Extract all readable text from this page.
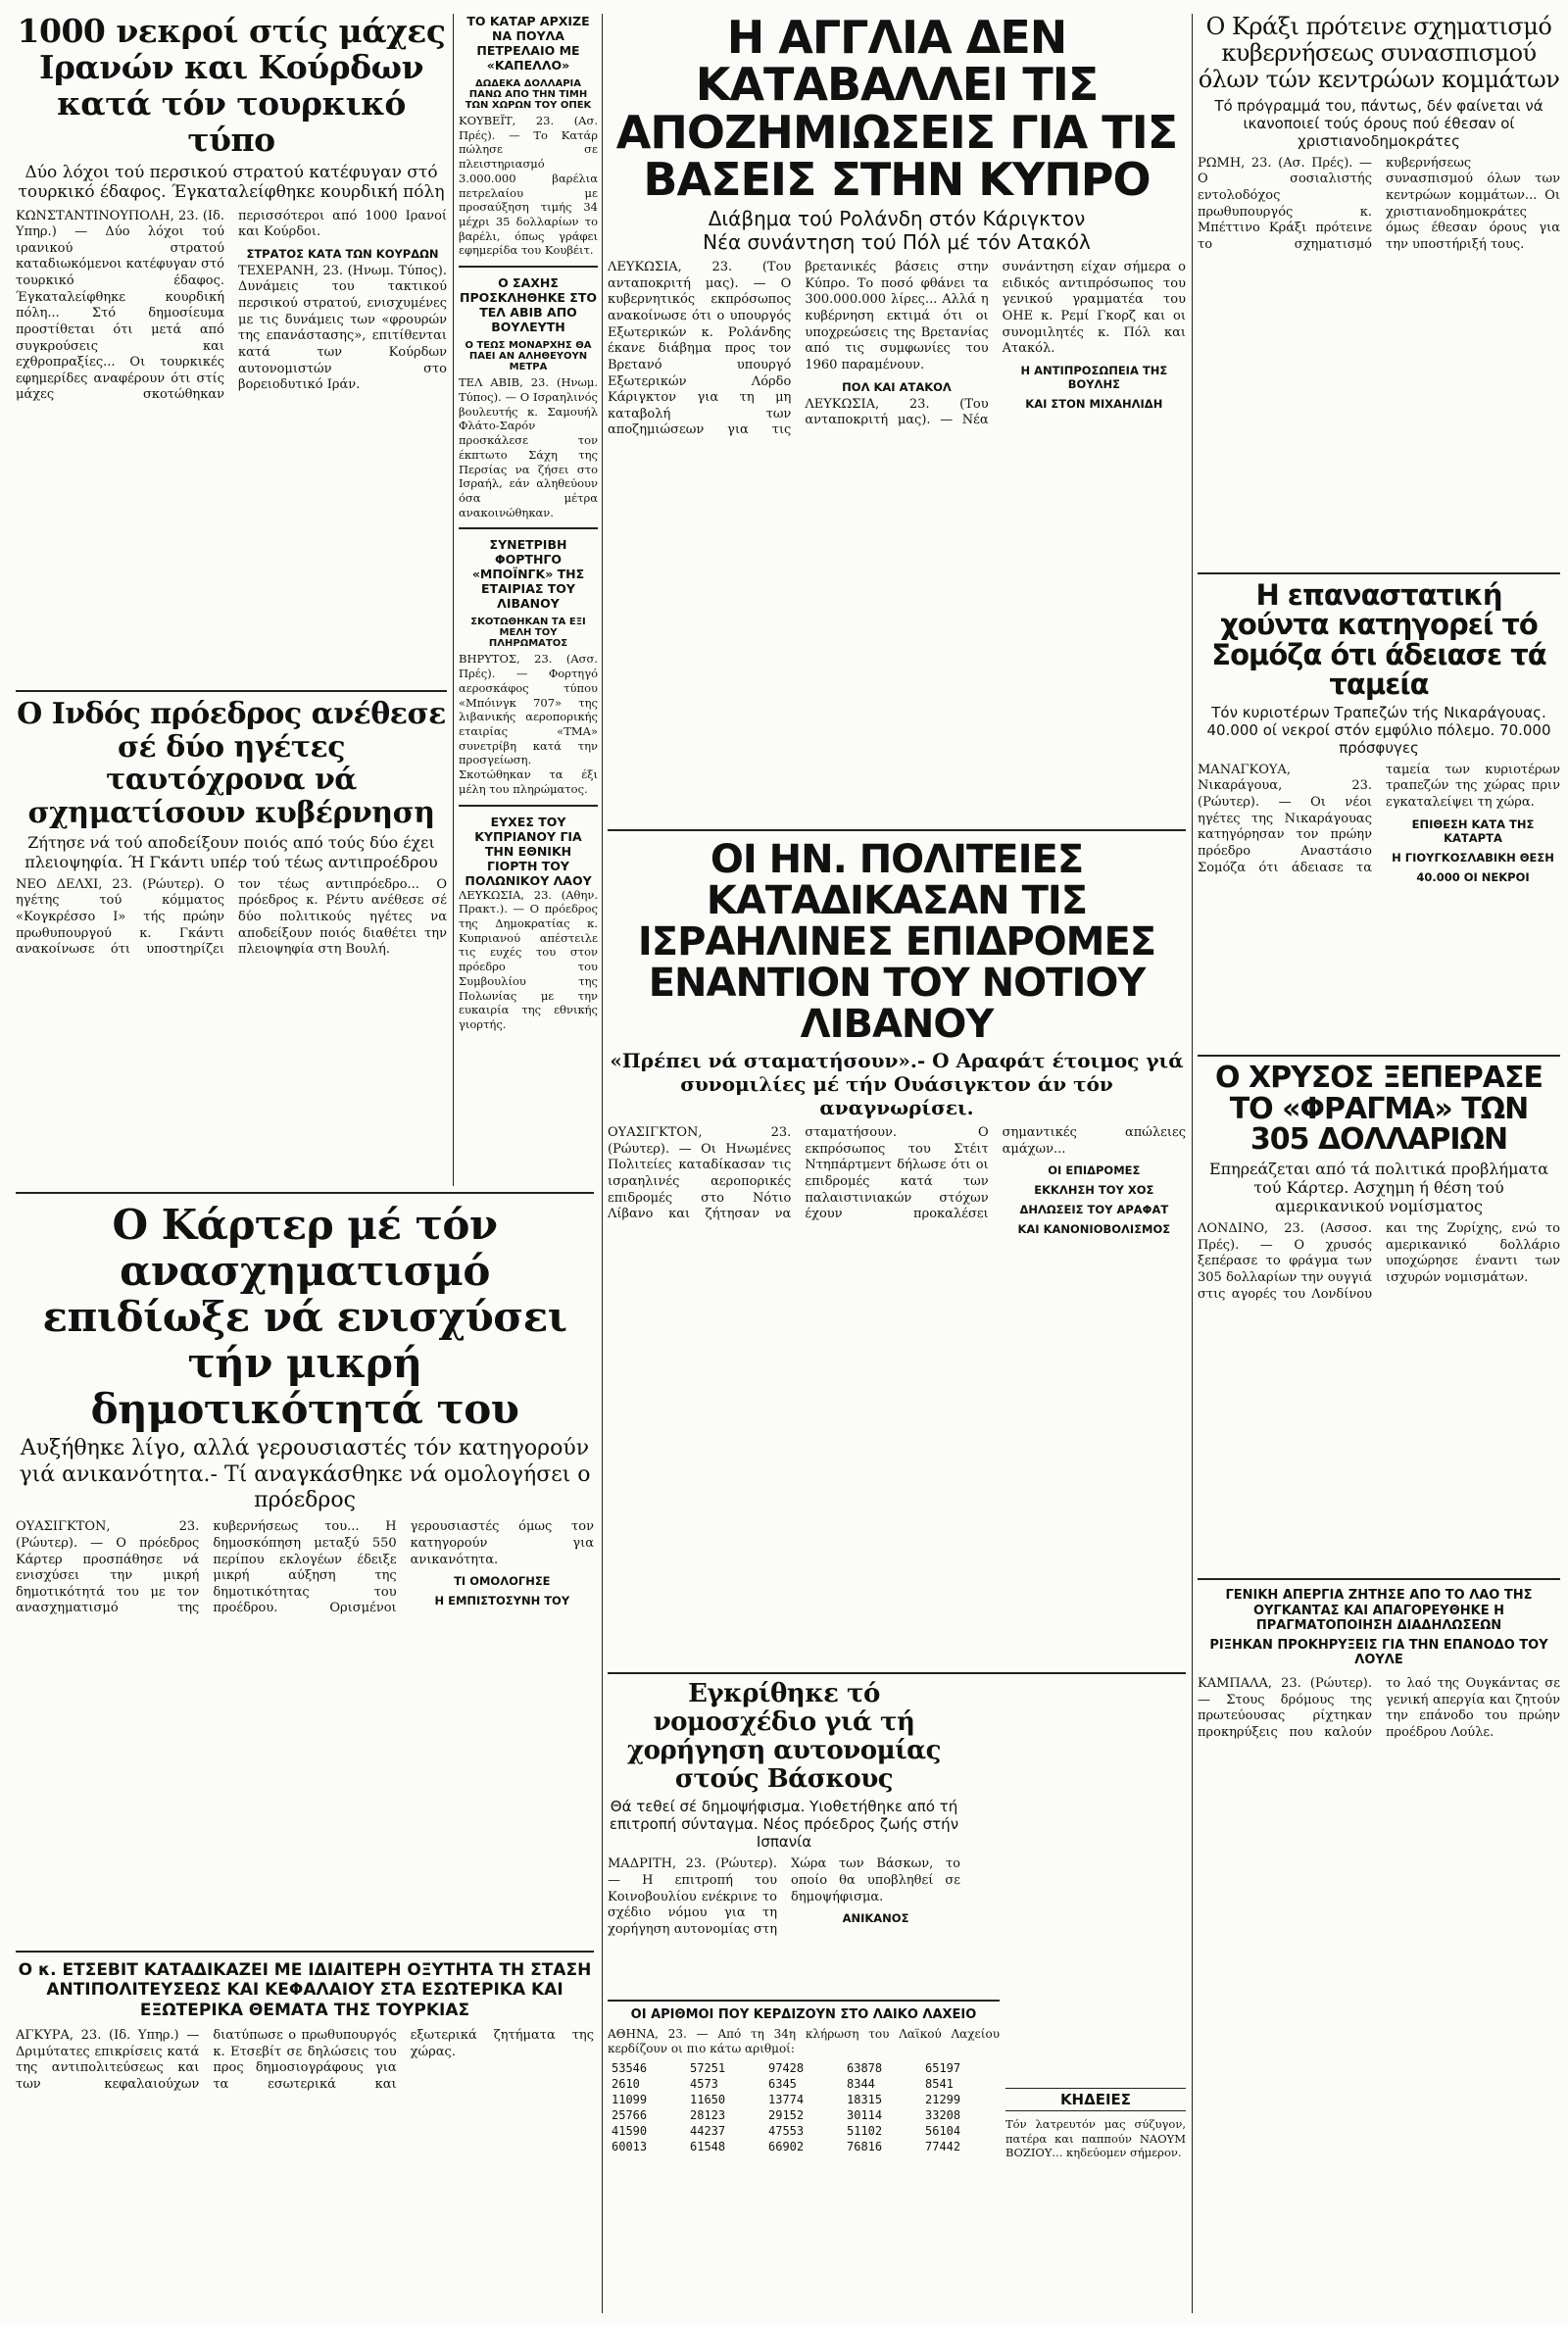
1000 νεκροί στίς μάχες Ιρανών και Κούρδων κατά τόν τουρκικό τύπο

Δύο λόχοι τού περσικού στρατού κατέφυγαν στό τουρκικό έδαφος. Έγκαταλείφθηκε κουρδική πόλη

ΚΩΝΣΤΑΝΤΙΝΟΥΠΟΛΗ, 23. (Ιδ. Υπηρ.) — Δύο λόχοι τού ιρανικού στρατού καταδιωκόμενοι κατέφυγαν στό τουρκικό έδαφος. Έγκαταλείφθηκε κουρδική πόλη... Στό δημοσίευμα προστίθεται ότι μετά από συγκρούσεις και εχθροπραξίες... Οι τουρκικές εφημερίδες αναφέρουν ότι στίς μάχες σκοτώθηκαν περισσότεροι από 1000 Ιρανοί και Κούρδοι.

ΣΤΡΑΤΟΣ ΚΑΤΑ ΤΩΝ ΚΟΥΡΔΩΝ

ΤΕΧΕΡΑΝΗ, 23. (Ηνωμ. Τύπος). Δυνάμεις του τακτικού περσικού στρατού, ενισχυμένες με τις δυνάμεις των «φρουρών της επανάστασης», επιτίθενται κατά των Κούρδων αυτονομιστών στο βορειοδυτικό Ιράν.

Ο Ινδός πρόεδρος ανέθεσε σέ δύο ηγέτες ταυτόχρονα νά σχηματίσουν κυβέρνηση

Ζήτησε νά τού αποδείξουν ποιός από τούς δύο έχει πλειοψηφία. Ή Γκάντι υπέρ τού τέως αντιπροέδρου

ΝΕΟ ΔΕΛΧΙ, 23. (Ρώυτερ). Ο ηγέτης τού κόμματος «Κογκρέσσο Ι» τής πρώην πρωθυπουργού κ. Γκάντι ανακοίνωσε ότι υποστηρίζει τον τέως αντιπρόεδρο... Ο πρόεδρος κ. Ρέντυ ανέθεσε σέ δύο πολιτικούς ηγέτες να αποδείξουν ποιός διαθέτει την πλειοψηφία στη Βουλή.

Ο Κάρτερ μέ τόν ανασχηματισμό επιδίωξε νά ενισχύσει τήν μικρή δημοτικότητά του

Αυξήθηκε λίγο, αλλά γερουσιαστές τόν κατηγορούν γιά ανικανότητα.- Τί αναγκάσθηκε νά ομολογήσει ο πρόεδρος

ΟΥΑΣΙΓΚΤΟΝ, 23. (Ρώυτερ). — Ο πρόεδρος Κάρτερ προσπάθησε νά ενισχύσει την μικρή δημοτικότητά του με τον ανασχηματισμό της κυβερνήσεως του... Η δημοσκόπηση μεταξύ 550 περίπου εκλογέων έδειξε μικρή αύξηση της δημοτικότητας του προέδρου. Ορισμένοι γερουσιαστές όμως τον κατηγορούν για ανικανότητα.

ΤΙ ΟΜΟΛΟΓΗΣΕ

Η ΕΜΠΙΣΤΟΣΥΝΗ ΤΟΥ

Ο κ. ΕΤΣΕΒΙΤ ΚΑΤΑΔΙΚΑΖΕΙ ΜΕ ΙΔΙΑΙΤΕΡΗ ΟΞΥΤΗΤΑ ΤΗ ΣΤΑΣΗ ΑΝΤΙΠΟΛΙΤΕΥΣΕΩΣ ΚΑΙ ΚΕΦΑΛΑΙΟΥ ΣΤΑ ΕΣΩΤΕΡΙΚΑ ΚΑΙ ΕΞΩΤΕΡΙΚΑ ΘΕΜΑΤΑ ΤΗΣ ΤΟΥΡΚΙΑΣ

ΑΓΚΥΡΑ, 23. (Ιδ. Υπηρ.) — Δριμύτατες επικρίσεις κατά της αντιπολιτεύσεως και των κεφαλαιούχων διατύπωσε ο πρωθυπουργός κ. Ετσεβίτ σε δηλώσεις του προς δημοσιογράφους για τα εσωτερικά και εξωτερικά ζητήματα της χώρας.

ΤΟ ΚΑΤΑΡ ΑΡΧΙΖΕ ΝΑ ΠΟΥΛΑ ΠΕΤΡΕΛΑΙΟ ΜΕ «ΚΑΠΕΛΛΟ»

ΔΩΔΕΚΑ ΔΟΛΛΑΡΙΑ ΠΑΝΩ ΑΠΟ ΤΗΝ ΤΙΜΗ ΤΩΝ ΧΩΡΩΝ ΤΟΥ ΟΠΕΚ

ΚΟΥΒΕΪΤ, 23. (Ασ. Πρές). — Το Κατάρ πώλησε σε πλειστηριασμό 3.000.000 βαρέλια πετρελαίου με προσαύξηση τιμής 34 μέχρι 35 δολλαρίων το βαρέλι, όπως γράφει εφημερίδα του Κουβέιτ.

Ο ΣΑΧΗΣ ΠΡΟΣΚΛΗΘΗΚΕ ΣΤΟ ΤΕΛ ΑΒΙΒ ΑΠΟ ΒΟΥΛΕΥΤΗ

Ο ΤΕΩΣ ΜΟΝΑΡΧΗΣ ΘΑ ΠΑΕΙ ΑΝ ΑΛΗΘΕΥΟΥΝ ΜΕΤΡΑ

ΤΕΛ ΑΒΙΒ, 23. (Ηνωμ. Τύπος). — Ο Ισραηλινός βουλευτής κ. Σαμουήλ Φλάτο-Σαρόν προσκάλεσε τον έκπτωτο Σάχη της Περσίας να ζήσει στο Ισραήλ, εάν αληθεύουν όσα μέτρα ανακοινώθηκαν.

ΣΥΝΕΤΡΙΒΗ ΦΟΡΤΗΓΟ «ΜΠΟΪΝΓΚ» ΤΗΣ ΕΤΑΙΡΙΑΣ ΤΟΥ ΛΙΒΑΝΟΥ

ΣΚΟΤΩΘΗΚΑΝ ΤΑ ΕΞΙ ΜΕΛΗ ΤΟΥ ΠΛΗΡΩΜΑΤΟΣ

ΒΗΡΥΤΟΣ, 23. (Ασσ. Πρές). — Φορτηγό αεροσκάφος τύπου «Μπόινγκ 707» της λιβανικής αεροπορικής εταιρίας «ΤΜΑ» συνετρίβη κατά την προσγείωση. Σκοτώθηκαν τα έξι μέλη του πληρώματος.

ΕΥΧΕΣ ΤΟΥ ΚΥΠΡΙΑΝΟΥ ΓΙΑ ΤΗΝ ΕΘΝΙΚΗ ΓΙΟΡΤΗ ΤΟΥ ΠΟΛΩΝΙΚΟΥ ΛΑΟΥ

ΛΕΥΚΩΣΙΑ, 23. (Αθην. Πρακτ.). — Ο πρόεδρος της Δημοκρατίας κ. Κυπριανού απέστειλε τις ευχές του στον πρόεδρο του Συμβουλίου της Πολωνίας με την ευκαιρία της εθνικής γιορτής.

Η ΑΓΓΛΙΑ ΔΕΝ ΚΑΤΑΒΑΛΛΕΙ ΤΙΣ ΑΠΟΖΗΜΙΩΣΕΙΣ ΓΙΑ ΤΙΣ ΒΑΣΕΙΣ ΣΤΗΝ ΚΥΠΡΟ

Διάβημα τού Ρολάνδη στόν Κάριγκτον
Νέα συνάντηση τού Πόλ μέ τόν Ατακόλ

ΛΕΥΚΩΣΙΑ, 23. (Του ανταποκριτή μας). — Ο κυβερνητικός εκπρόσωπος ανακοίνωσε ότι ο υπουργός Εξωτερικών κ. Ρολάνδης έκανε διάβημα προς τον Βρετανό υπουργό Εξωτερικών Λόρδο Κάριγκτον για τη μη καταβολή των αποζημιώσεων για τις βρετανικές βάσεις στην Κύπρο. Το ποσό φθάνει τα 300.000.000 λίρες... Αλλά η κυβέρνηση εκτιμά ότι οι υποχρεώσεις της Βρετανίας από τις συμφωνίες του 1960 παραμένουν.

ΠΟΛ ΚΑΙ ΑΤΑΚΟΛ

ΛΕΥΚΩΣΙΑ, 23. (Του ανταποκριτή μας). — Νέα συνάντηση είχαν σήμερα ο ειδικός αντιπρόσωπος του γενικού γραμματέα του ΟΗΕ κ. Ρεμί Γκορζ και οι συνομιλητές κ. Πόλ και Ατακόλ.

Η ΑΝΤΙΠΡΟΣΩΠΕΙΑ ΤΗΣ ΒΟΥΛΗΣ

ΚΑΙ ΣΤΟΝ ΜΙΧΑΗΛΙΔΗ

ΟΙ ΗΝ. ΠΟΛΙΤΕΙΕΣ ΚΑΤΑΔΙΚΑΣΑΝ ΤΙΣ ΙΣΡΑΗΛΙΝΕΣ ΕΠΙΔΡΟΜΕΣ ΕΝΑΝΤΙΟΝ ΤΟΥ ΝΟΤΙΟΥ ΛΙΒΑΝΟΥ

«Πρέπει νά σταματήσουν».- Ο Αραφάτ έτοιμος γιά συνομιλίες μέ τήν Ουάσιγκτον άν τόν αναγνωρίσει.

ΟΥΑΣΙΓΚΤΟΝ, 23. (Ρώυτερ). — Οι Ηνωμένες Πολιτείες καταδίκασαν τις ισραηλινές αεροπορικές επιδρομές στο Νότιο Λίβανο και ζήτησαν να σταματήσουν. Ο εκπρόσωπος του Στέιτ Ντηπάρτμεντ δήλωσε ότι οι επιδρομές κατά των παλαιστινιακών στόχων έχουν προκαλέσει σημαντικές απώλειες αμάχων...

ΟΙ ΕΠΙΔΡΟΜΕΣ

ΕΚΚΛΗΣΗ ΤΟΥ ΧΟΣ

ΔΗΛΩΣΕΙΣ ΤΟΥ ΑΡΑΦΑΤ

ΚΑΙ ΚΑΝΟΝΙΟΒΟΛΙΣΜΟΣ

Εγκρίθηκε τό νομοσχέδιο γιά τή χορήγηση αυτονομίας στούς Βάσκους

Θά τεθεί σέ δημοψήφισμα. Υιοθετήθηκε από τή επιτροπή σύνταγμα. Νέος πρόεδρος ζωής στήν Ισπανία

ΜΑΔΡΙΤΗ, 23. (Ρώυτερ). — Η επιτροπή του Κοινοβουλίου ενέκρινε το σχέδιο νόμου για τη χορήγηση αυτονομίας στη Χώρα των Βάσκων, το οποίο θα υποβληθεί σε δημοψήφισμα.

ΑΝΙΚΑΝΟΣ

ΟΙ ΑΡΙΘΜΟΙ ΠΟΥ ΚΕΡΔΙΖΟΥΝ ΣΤΟ ΛΑΪΚΟ ΛΑΧΕΙΟ

ΑΘΗΝΑ, 23. — Από τη 34η κλήρωση του Λαϊκού Λαχείου κερδίζουν οι πιο κάτω αριθμοί:

53546	57251	97428	63878	65197
2610	4573	6345	8344	8541
11099	11650	13774	18315	21299
25766	28123	29152	30114	33208
41590	44237	47553	51102	56104
60013	61548	66902	76816	77442

ΚΗΔΕΙΕΣ

Τόν λατρευτόν μας σύζυγον, πατέρα και παππούν ΝΑΟΥΜ ΒΟΖΙΟΥ... κηδεύομεν σήμερον.

Ο Κράξι πρότεινε σχηματισμό κυβερνήσεως συνασπισμού όλων τών κεντρώων κομμάτων

Τό πρόγραμμά του, πάντως, δέν φαίνεται νά ικανοποιεί τούς όρους πού έθεσαν οί χριστιανοδημοκράτες

ΡΩΜΗ, 23. (Ασ. Πρές). — Ο σοσιαλιστής εντολοδόχος πρωθυπουργός κ. Μπέττινο Κράξι πρότεινε το σχηματισμό κυβερνήσεως συνασπισμού όλων των κεντρώων κομμάτων... Οι χριστιανοδημοκράτες όμως έθεσαν όρους για την υποστήριξή τους.

Η επαναστατική χούντα κατηγορεί τό Σομόζα ότι άδειασε τά ταμεία

Τόν κυριοτέρων Τραπεζών τής Νικαράγουας. 40.000 οί νεκροί στόν εμφύλιο πόλεμο. 70.000 πρόσφυγες

ΜΑΝΑΓΚΟΥΑ, Νικαράγουα, 23. (Ρώυτερ). — Οι νέοι ηγέτες της Νικαράγουας κατηγόρησαν τον πρώην πρόεδρο Αναστάσιο Σομόζα ότι άδειασε τα ταμεία των κυριοτέρων τραπεζών της χώρας πριν εγκαταλείψει τη χώρα.

ΕΠΙΘΕΣΗ ΚΑΤΑ ΤΗΣ ΚΑΤΑΡΤΑ

Η ΓΙΟΥΓΚΟΣΛΑΒΙΚΗ ΘΕΣΗ

40.000 ΟΙ ΝΕΚΡΟΙ

Ο ΧΡΥΣΟΣ ΞΕΠΕΡΑΣΕ ΤΟ «ΦΡΑΓΜΑ» ΤΩΝ 305 ΔΟΛΛΑΡΙΩΝ

Επηρεάζεται από τά πολιτικά προβλήματα τού Κάρτερ. Ασχημη ή θέση τού αμερικανικού νομίσματος

ΛΟΝΔΙΝΟ, 23. (Ασσοσ. Πρές). — Ο χρυσός ξεπέρασε το φράγμα των 305 δολλαρίων την ουγγιά στις αγορές του Λονδίνου και της Ζυρίχης, ενώ το αμερικανικό δολλάριο υποχώρησε έναντι των ισχυρών νομισμάτων.

ΓΕΝΙΚΗ ΑΠΕΡΓΙΑ ΖΗΤΗΣΕ ΑΠΟ ΤΟ ΛΑΟ ΤΗΣ ΟΥΓΚΑΝΤΑΣ ΚΑΙ ΑΠΑΓΟΡΕΥΘΗΚΕ Η ΠΡΑΓΜΑΤΟΠΟΙΗΣΗ ΔΙΑΔΗΛΩΣΕΩΝ

ΡΙΞΗΚΑΝ ΠΡΟΚΗΡΥΞΕΙΣ ΓΙΑ ΤΗΝ ΕΠΑΝΟΔΟ ΤΟΥ ΛΟΥΛΕ

ΚΑΜΠΑΛΑ, 23. (Ρώυτερ). — Στους δρόμους της πρωτεύουσας ρίχτηκαν προκηρύξεις που καλούν το λαό της Ουγκάντας σε γενική απεργία και ζητούν την επάνοδο του πρώην προέδρου Λούλε.
